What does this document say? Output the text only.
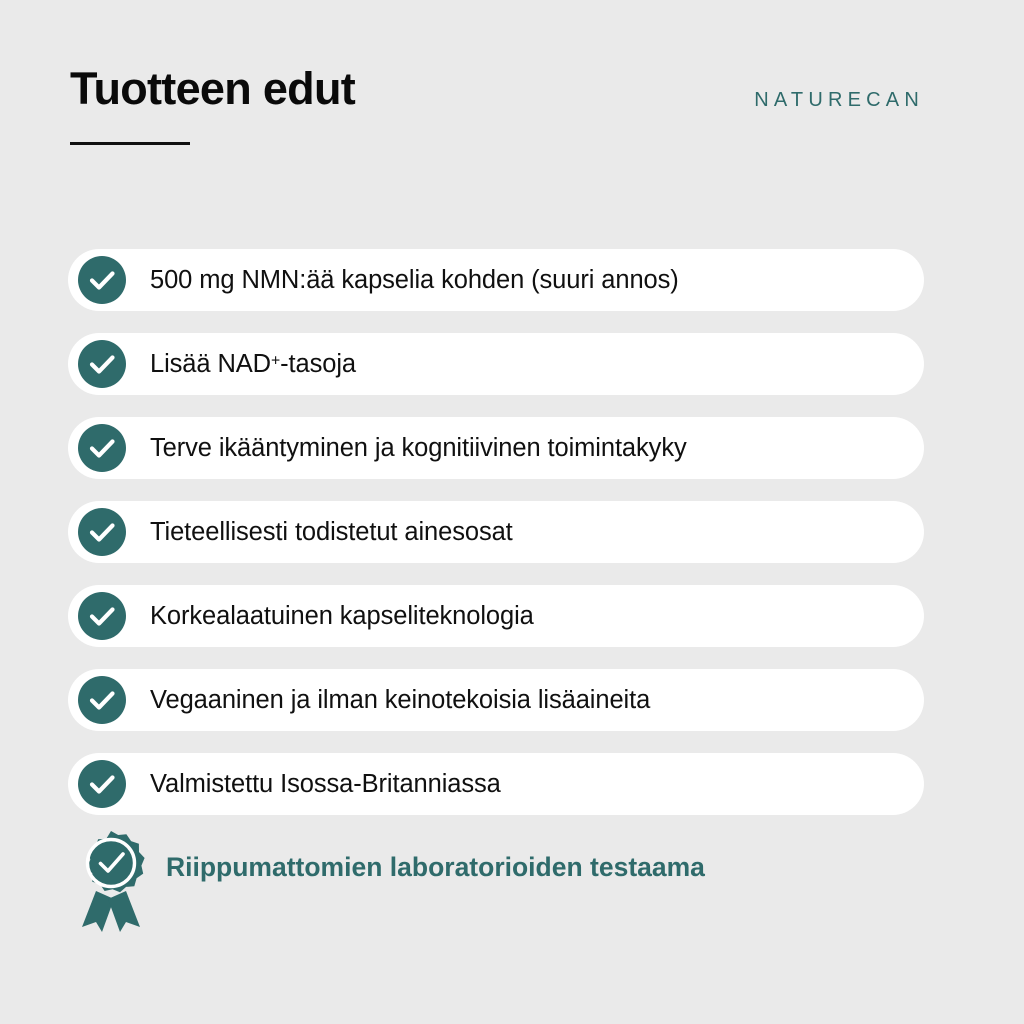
Tuotteen edut	NATURECAN
500 mg NMN:ää kapselia kohden (suuri annos)
Lisää NAD+-tasoja
Terve ikääntyminen ja kognitiivinen toimintakyky
Tieteellisesti todistetut ainesosat
Korkealaatuinen kapseliteknologia
Vegaaninen ja ilman keinotekoisia lisäaineita
Valmistettu Isossa-Britanniassa
Riippumattomien laboratorioiden testaama
